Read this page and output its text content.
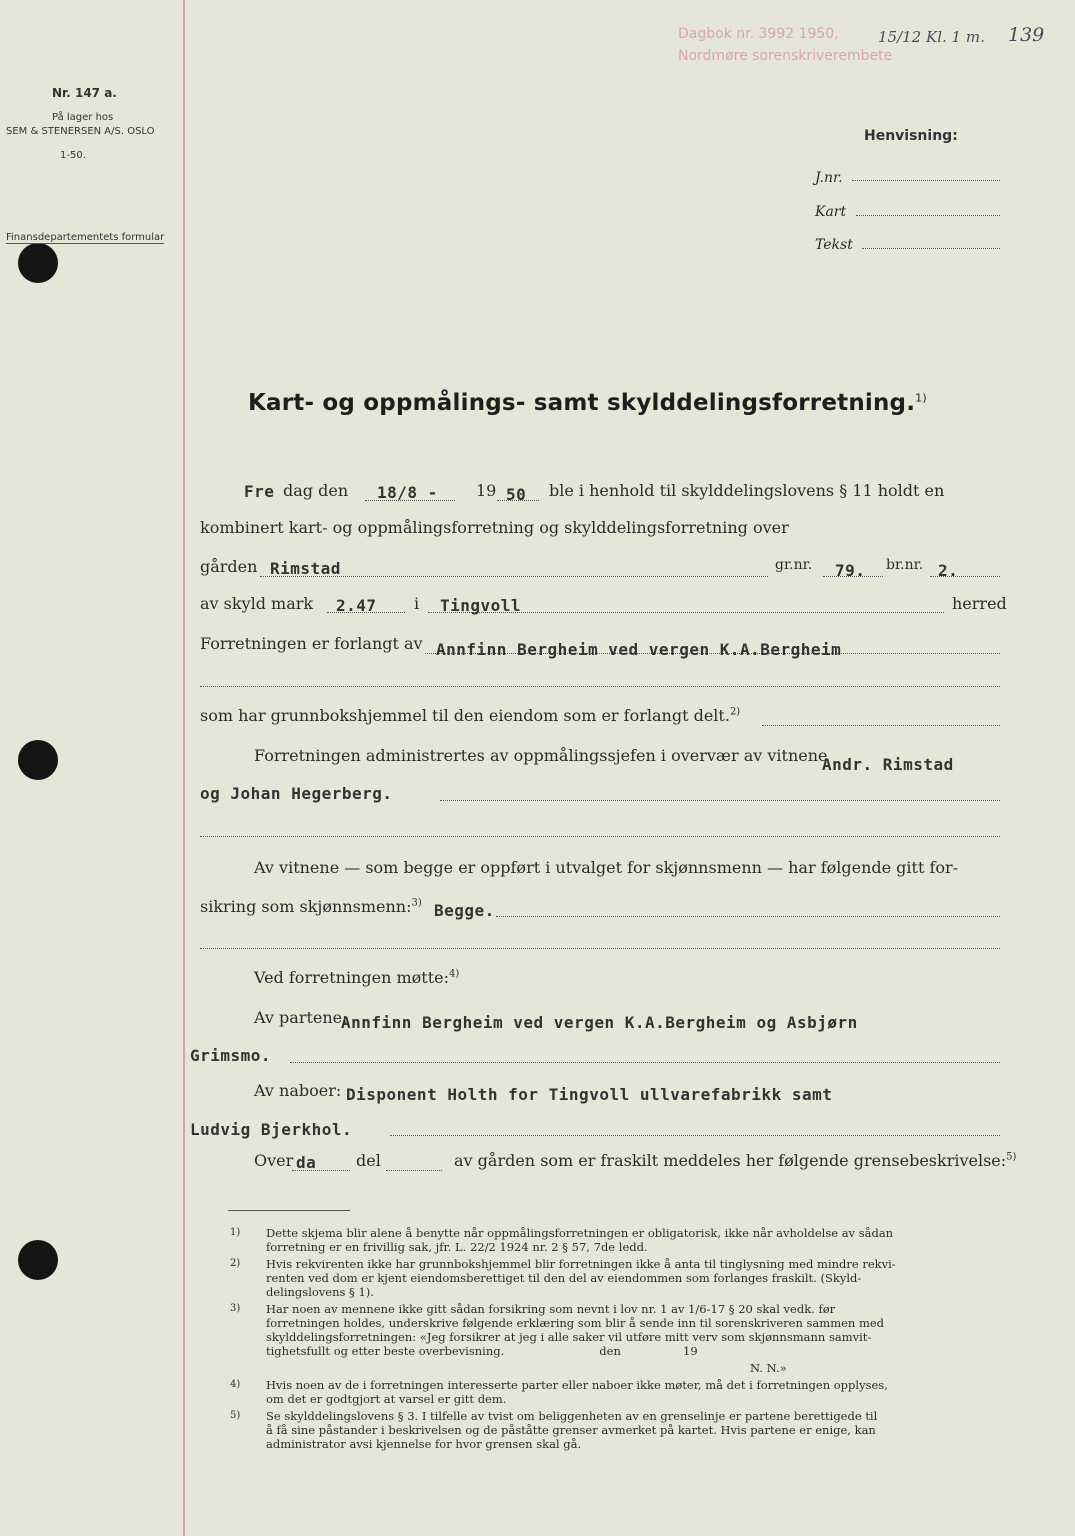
139
Dagbok nr. 3992 1950,
Nordmøre sorenskriverembete
15/12 Kl. 1 m.
Nr. 147 a.
På lager hos
SEM & STENERSEN A/S. OSLO
1-50.
Finansdepartementets formular
Henvisning:
J.nr.
Kart
Tekst
Kart- og oppmålings- samt skylddelingsforretning.$^{1)}$
Fre dag den 18/8 - 19 50 ble i henhold til skylddelingslovens § 11 holdt en
kombinert kart- og oppmålingsforretning og skylddelingsforretning over
gården Rimstad	gr.nr. 79. br.nr. 2.
av skyld mark 2.47 i Tingvoll	herred
Forretningen er forlangt av Annfinn Bergheim ved vergen K.A.Bergheim
som har grunnbokshjemmel til den eiendom som er forlangt delt.$^{2)}$
Forretningen administrertes av oppmålingssjefen i overvær av vitnene
Andr. Rimstad
og Johan Hegerberg.
Av vitnene — som begge er oppført i utvalget for skjønnsmenn — har følgende gitt for-
sikring som skjønnsmenn:$^{3)}$ Begge.
Ved forretningen møtte:$^{4)}$
Av partene:
Annfinn Bergheim ved vergen K.A.Bergheim og Asbjørn
Grimsmo.
Av naboer: Disponent Holth for Tingvoll ullvarefabrikk samt
Ludvig Bjerkhol.
Over da del	av gården som er fraskilt meddeles her følgende grensebeskrivelse:$^{5)}$
1) Dette skjema blir alene å benytte når oppmålingsforretningen er obligatorisk, ikke når avholdelse av sådan
forretning er en frivillig sak, jfr. L. 22/2 1924 nr. 2 § 57, 7de ledd.
2) Hvis rekvirenten ikke har grunnbokshjemmel blir forretningen ikke å anta til tinglysning med mindre rekvi-
renten ved dom er kjent eiendomsberettiget til den del av eiendommen som forlanges fraskilt. (Skyld-
delingslovens § 1).
3) Har noen av mennene ikke gitt sådan forsikring som nevnt i lov nr. 1 av 1/6-17 § 20 skal vedk. før
forretningen holdes, underskrive følgende erklæring som blir å sende inn til sorenskriveren sammen med
skylddelingsforretningen: «Jeg forsikrer at jeg i alle saker vil utføre mitt verv som skjønnsmann samvit-
tighetsfullt og etter beste overbevisning.                          den                 19
N. N.»
4) Hvis noen av de i forretningen interesserte parter eller naboer ikke møter, må det i forretningen opplyses,
om det er godtgjort at varsel er gitt dem.
5) Se skylddelingslovens § 3. I tilfelle av tvist om beliggenheten av en grenselinje er partene berettigede til
å få sine påstander i beskrivelsen og de påståtte grenser avmerket på kartet. Hvis partene er enige, kan
administrator avsi kjennelse for hvor grensen skal gå.
